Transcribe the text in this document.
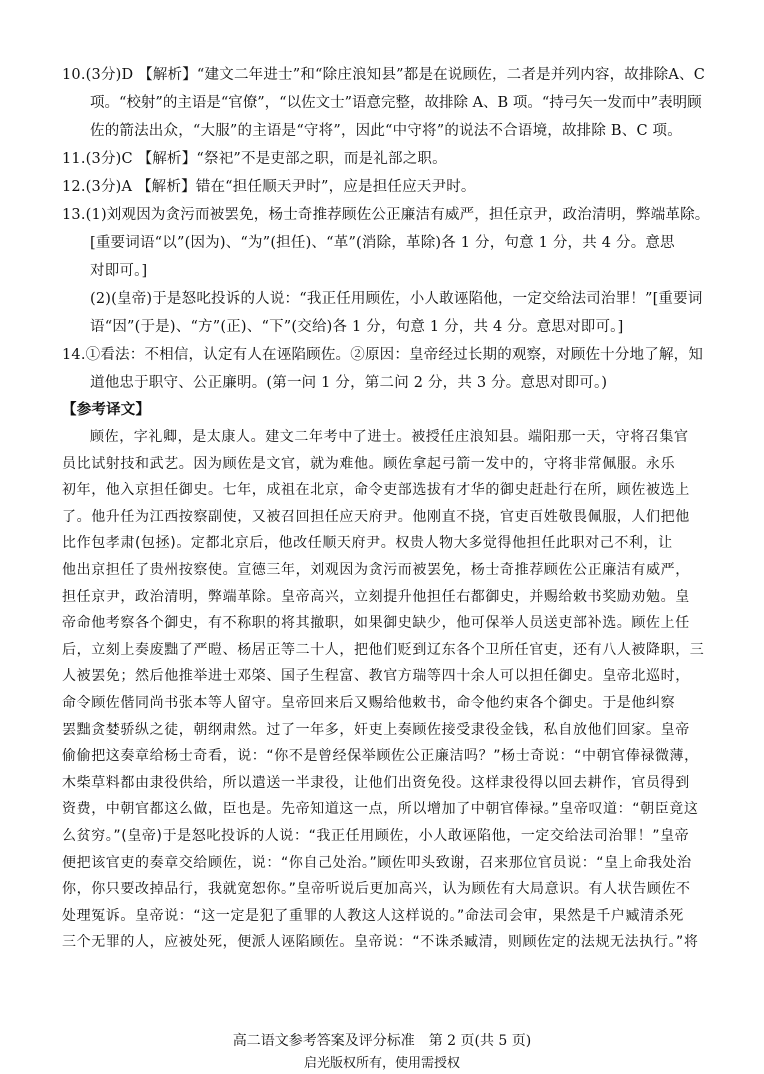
10.(3分)D 【解析】“建文二年进士”和“除庄浪知县”都是在说顾佐，二者是并列内容，故排除A、C
项。“校射”的主语是“官僚”，“以佐文士”语意完整，故排除 A、B 项。“持弓矢一发而中”表明顾
佐的箭法出众，“大服”的主语是“守将”，因此“中守将”的说法不合语境，故排除 B、C 项。
11.(3分)C 【解析】“祭祀”不是吏部之职，而是礼部之职。
12.(3分)A 【解析】错在“担任顺天尹时”，应是担任应天尹时。
13.(1)刘观因为贪污而被罢免，杨士奇推荐顾佐公正廉洁有威严，担任京尹，政治清明，弊端革除。
[重要词语“以”(因为)、“为”(担任)、“革”(消除，革除)各 1 分，句意 1 分，共 4 分。意思
对即可。]
(2)(皇帝)于是怒叱投诉的人说：“我正任用顾佐，小人敢诬陷他，一定交给法司治罪！”[重要词
语“因”(于是)、“方”(正)、“下”(交给)各 1 分，句意 1 分，共 4 分。意思对即可。]
14.①看法：不相信，认定有人在诬陷顾佐。②原因：皇帝经过长期的观察，对顾佐十分地了解，知
道他忠于职守、公正廉明。(第一问 1 分，第二问 2 分，共 3 分。意思对即可。)
【参考译文】
顾佐，字礼卿，是太康人。建文二年考中了进士。被授任庄浪知县。端阳那一天，守将召集官
员比试射技和武艺。因为顾佐是文官，就为难他。顾佐拿起弓箭一发中的，守将非常佩服。永乐
初年，他入京担任御史。七年，成祖在北京，命令吏部选拔有才华的御史赶赴行在所，顾佐被选上
了。他升任为江西按察副使，又被召回担任应天府尹。他刚直不挠，官吏百姓敬畏佩服，人们把他
比作包孝肃(包拯)。定都北京后，他改任顺天府尹。权贵人物大多觉得他担任此职对己不利，让
他出京担任了贵州按察使。宣德三年，刘观因为贪污而被罢免，杨士奇推荐顾佐公正廉洁有威严，
担任京尹，政治清明，弊端革除。皇帝高兴，立刻提升他担任右都御史，并赐给敕书奖励劝勉。皇
帝命他考察各个御史，有不称职的将其撤职，如果御史缺少，他可保举人员送吏部补选。顾佐上任
后，立刻上奏废黜了严暟、杨居正等二十人，把他们贬到辽东各个卫所任官吏，还有八人被降职，三
人被罢免；然后他推举进士邓棨、国子生程富、教官方瑞等四十余人可以担任御史。皇帝北巡时，
命令顾佐偕同尚书张本等人留守。皇帝回来后又赐给他敕书，命令他约束各个御史。于是他纠察
罢黜贪婪骄纵之徒，朝纲肃然。过了一年多，奸吏上奏顾佐接受隶役金钱，私自放他们回家。皇帝
偷偷把这奏章给杨士奇看，说：“你不是曾经保举顾佐公正廉洁吗？”杨士奇说：“中朝官俸禄微薄，
木柴草料都由隶役供给，所以遣送一半隶役，让他们出资免役。这样隶役得以回去耕作，官员得到
资费，中朝官都这么做，臣也是。先帝知道这一点，所以增加了中朝官俸禄。”皇帝叹道：“朝臣竟这
么贫穷。”(皇帝)于是怒叱投诉的人说：“我正任用顾佐，小人敢诬陷他，一定交给法司治罪！”皇帝
便把该官吏的奏章交给顾佐，说：“你自己处治。”顾佐叩头致谢，召来那位官员说：“皇上命我处治
你，你只要改掉品行，我就宽恕你。”皇帝听说后更加高兴，认为顾佐有大局意识。有人状告顾佐不
处理冤诉。皇帝说：“这一定是犯了重罪的人教这人这样说的。”命法司会审，果然是千户臧清杀死
三个无罪的人，应被处死，便派人诬陷顾佐。皇帝说：“不诛杀臧清，则顾佐定的法规无法执行。”将
高二语文参考答案及评分标准　第 2 页(共 5 页)
启光版权所有，使用需授权
